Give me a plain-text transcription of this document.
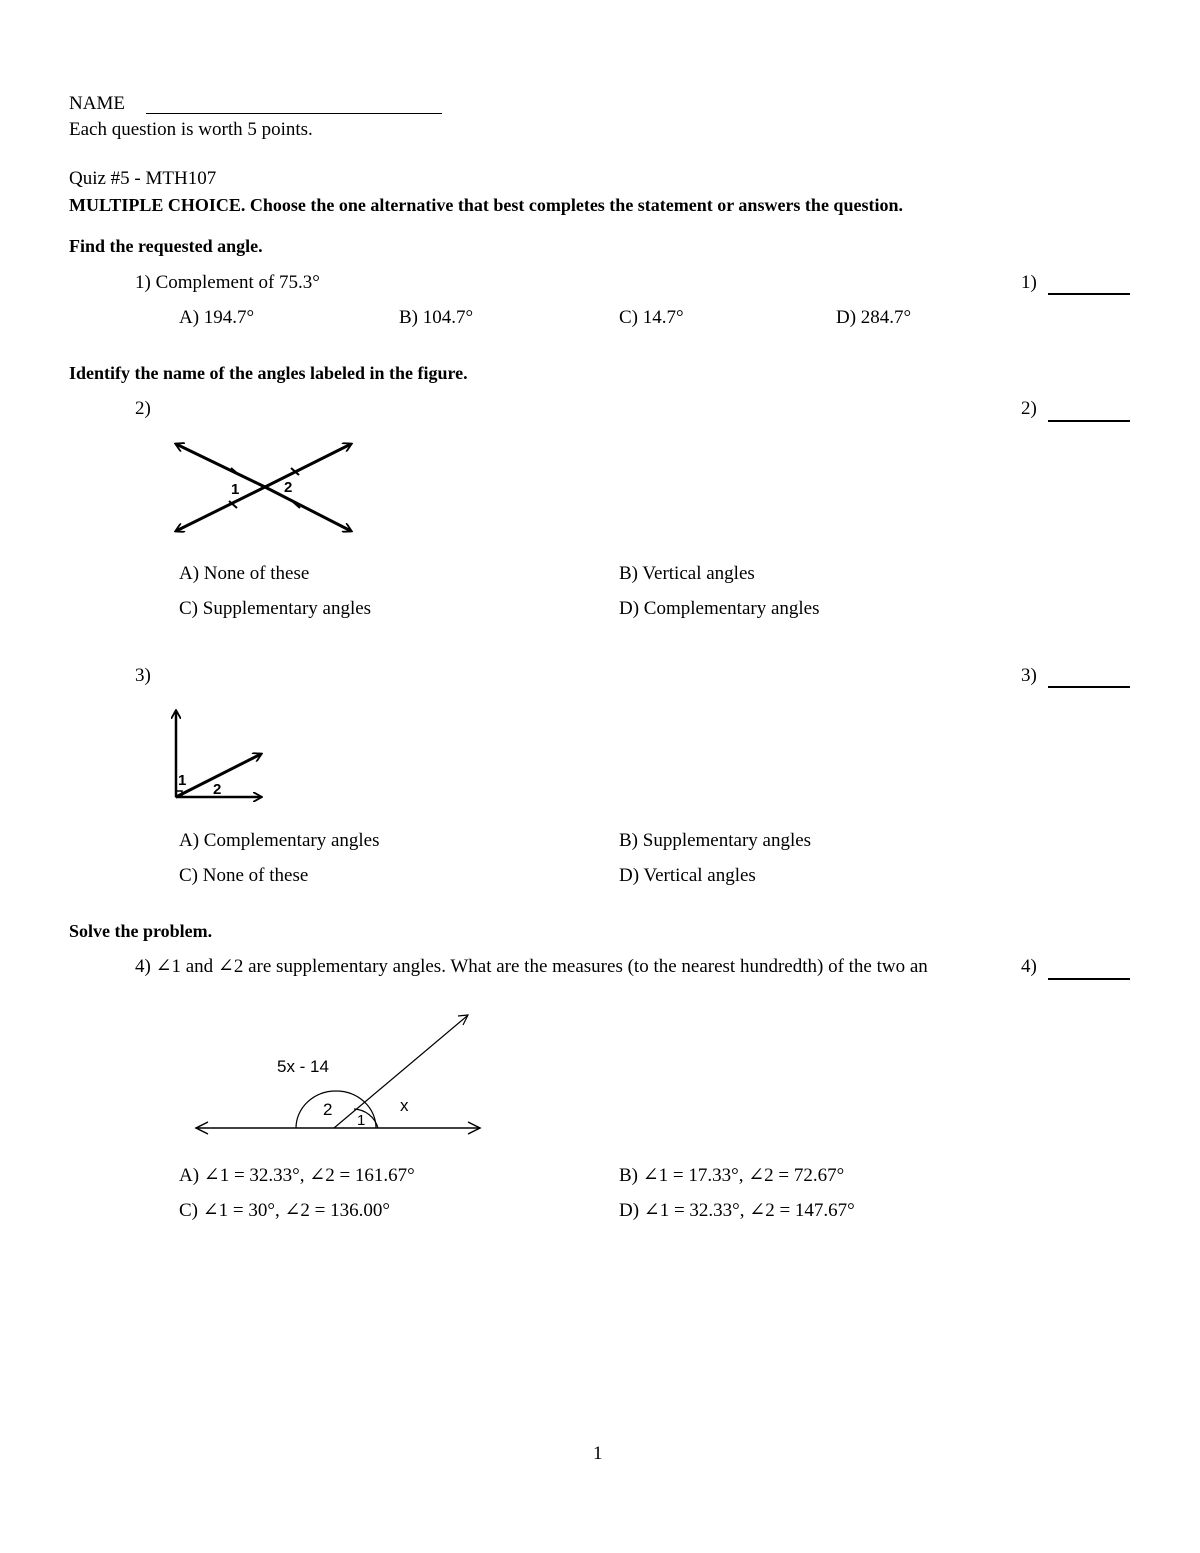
NAME
Each question is worth 5 points.
Quiz #5 - MTH107
MULTIPLE CHOICE. Choose the one alternative that best completes the statement or answers the question.
Find the requested angle.
1) Complement of 75.3°	1)
A) 194.7°	B) 104.7°	C) 14.7°	D) 284.7°
Identify the name of the angles labeled in the figure.
2)	2)
1	2
A) None of these	B) Vertical angles
C) Supplementary angles	D) Complementary angles
3)	3)
1
2
A) Complementary angles	B) Supplementary angles
C) None of these	D) Vertical angles
Solve the problem.
4) ∠1 and ∠2 are supplementary angles. What are the measures (to the nearest hundredth) of the two an	4)
5x - 14
2
1
x
A) ∠1 = 32.33°, ∠2 = 161.67°	B) ∠1 = 17.33°, ∠2 = 72.67°
C) ∠1 = 30°, ∠2 = 136.00°	D) ∠1 = 32.33°, ∠2 = 147.67°
1
